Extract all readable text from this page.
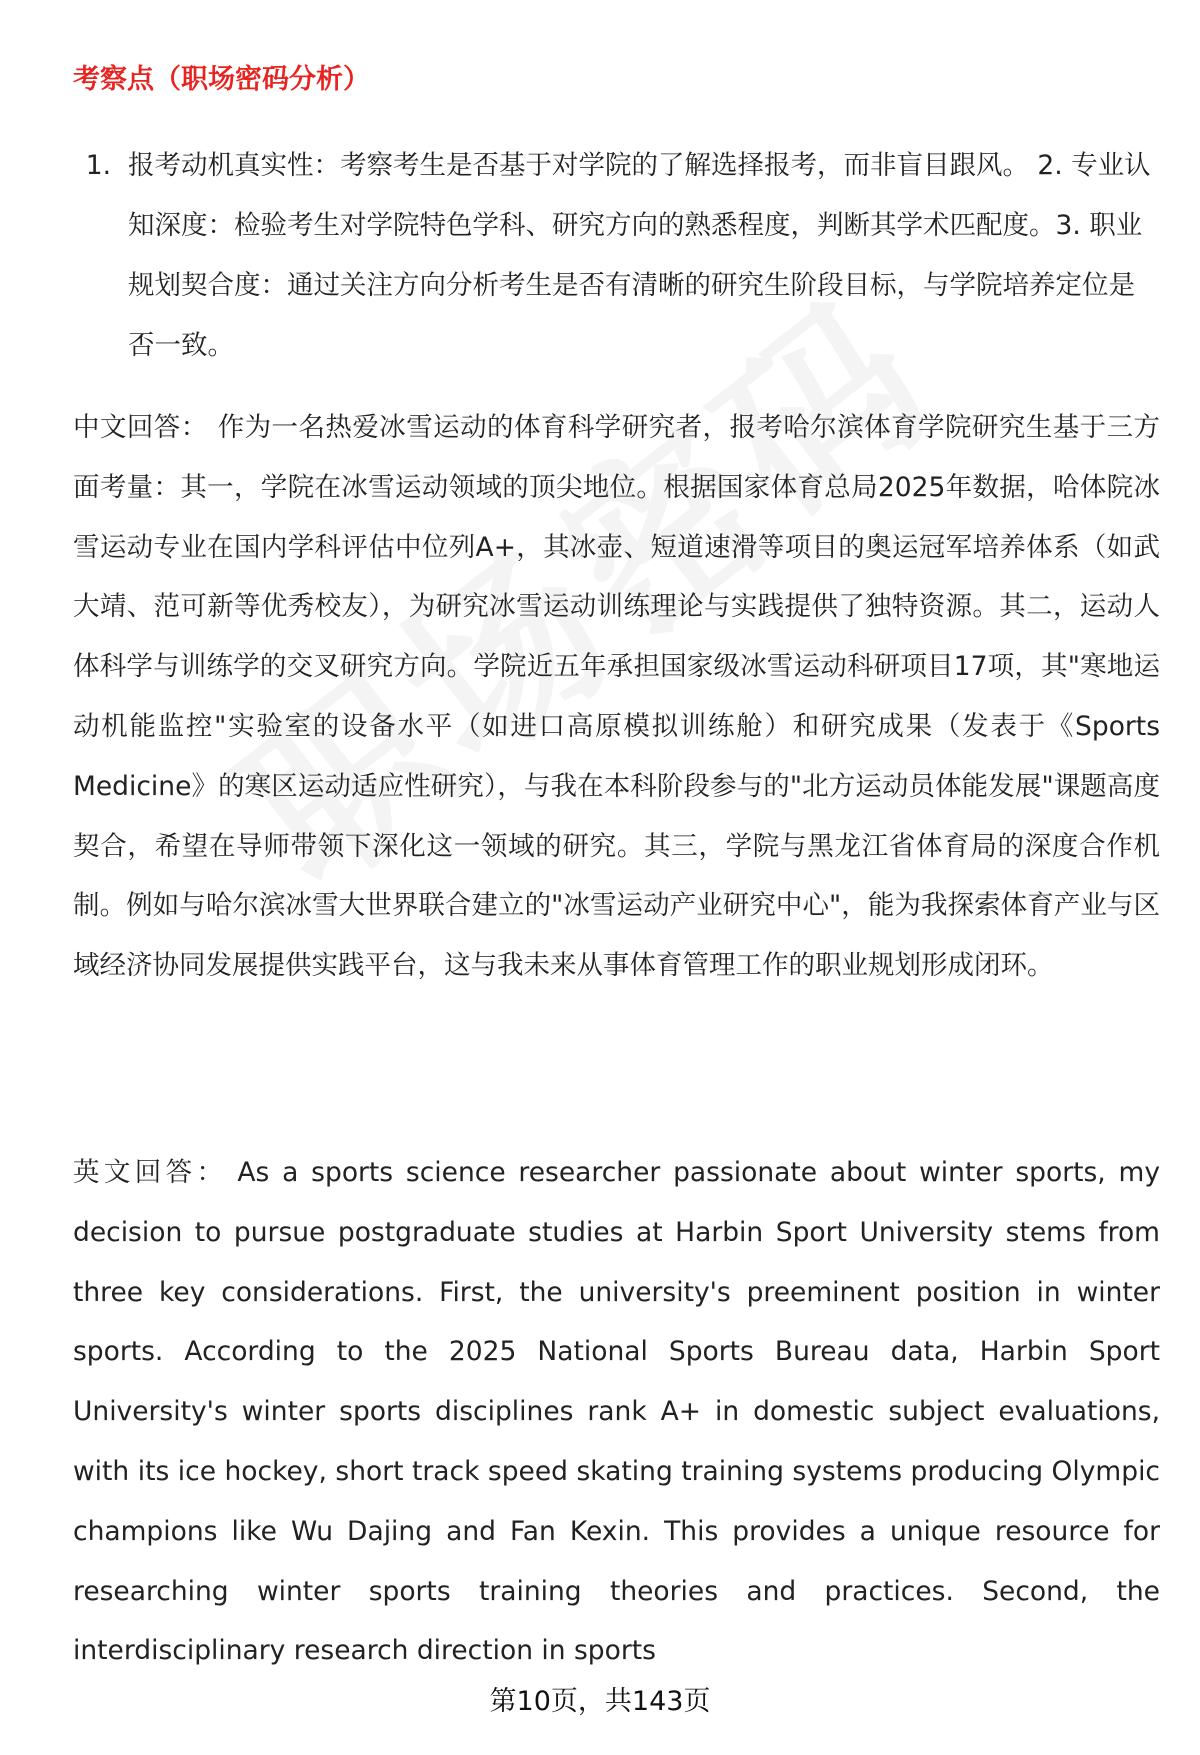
考察点（职场密码分析）
1. 报考动机真实性：考察考生是否基于对学院的了解选择报考，而非盲目跟风。 2. 专业认知深度：检验考生对学院特色学科、研究方向的熟悉程度，判断其学术匹配度。3. 职业规划契合度：通过关注方向分析考生是否有清晰的研究生阶段目标，与学院培养定位是否一致。

中文回答： 作为一名热爱冰雪运动的体育科学研究者，报考哈尔滨体育学院研究生基于三方面考量：其一，学院在冰雪运动领域的顶尖地位。根据国家体育总局2025年数据，哈体院冰雪运动专业在国内学科评估中位列A+，其冰壶、短道速滑等项目的奥运冠军培养体系（如武大靖、范可新等优秀校友），为研究冰雪运动训练理论与实践提供了独特资源。其二，运动人体科学与训练学的交叉研究方向。学院近五年承担国家级冰雪运动科研项目17项，其"寒地运动机能监控"实验室的设备水平（如进口高原模拟训练舱）和研究成果（发表于《Sports Medicine》的寒区运动适应性研究），与我在本科阶段参与的"北方运动员体能发展"课题高度契合，希望在导师带领下深化这一领域的研究。其三，学院与黑龙江省体育局的深度合作机制。例如与哈尔滨冰雪大世界联合建立的"冰雪运动产业研究中心"，能为我探索体育产业与区域经济协同发展提供实践平台，这与我未来从事体育管理工作的职业规划形成闭环。

英文回答： As a sports science researcher passionate about winter sports, my decision to pursue postgraduate studies at Harbin Sport University stems from three key considerations. First, the university's preeminent position in winter sports. According to the 2025 National Sports Bureau data, Harbin Sport University's winter sports disciplines rank A+ in domestic subject evaluations, with its ice hockey, short track speed skating training systems producing Olympic champions like Wu Dajing and Fan Kexin. This provides a unique resource for researching winter sports training theories and practices. Second, the interdisciplinary research direction in sports

第10页，共143页
